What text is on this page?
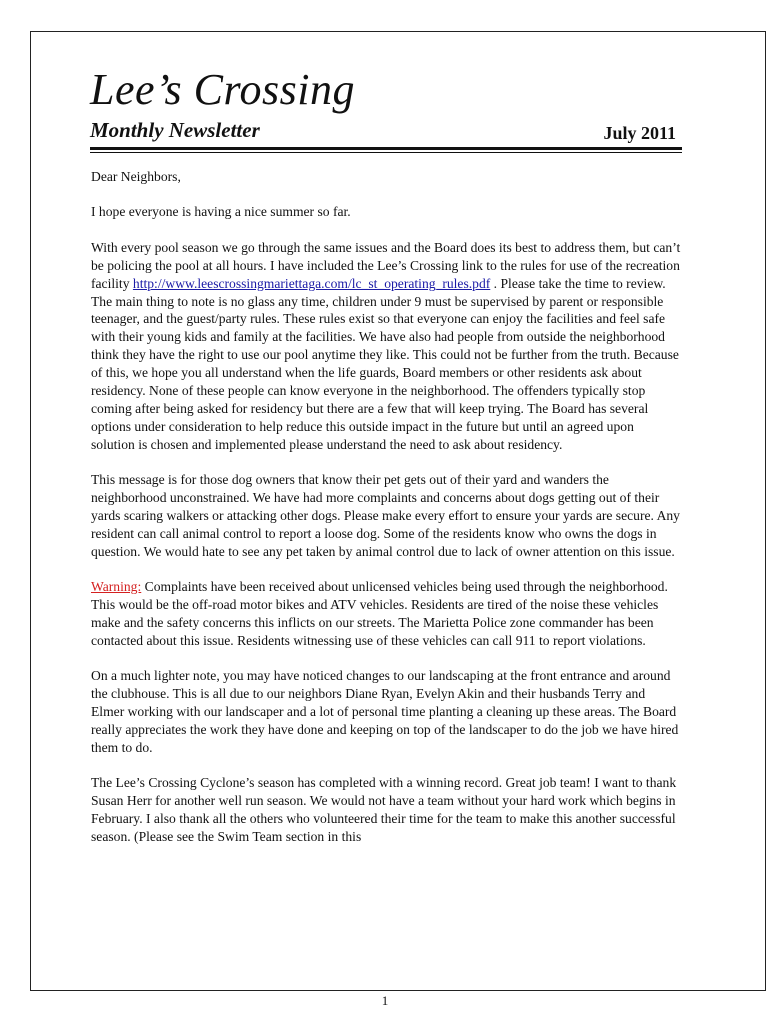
Lee’s Crossing
Monthly Newsletter	July 2011

Dear Neighbors,

I hope everyone is having a nice summer so far.

With every pool season we go through the same issues and the Board does its best to address them, but can’t be policing the pool at all hours. I have included the Lee’s Crossing link to the rules for use of the recreation facility http://www.leescrossingmariettaga.com/lc_st_operating_rules.pdf . Please take the time to review. The main thing to note is no glass any time, children under 9 must be supervised by parent or responsible teenager, and the guest/party rules. These rules exist so that everyone can enjoy the facilities and feel safe with their young kids and family at the facilities. We have also had people from outside the neighborhood think they have the right to use our pool anytime they like. This could not be further from the truth. Because of this, we hope you all understand when the life guards, Board members or other residents ask about residency. None of these people can know everyone in the neighborhood. The offenders typically stop coming after being asked for residency but there are a few that will keep trying. The Board has several options under consideration to help reduce this outside impact in the future but until an agreed upon solution is chosen and implemented please understand the need to ask about residency.

This message is for those dog owners that know their pet gets out of their yard and wanders the neighborhood unconstrained. We have had more complaints and concerns about dogs getting out of their yards scaring walkers or attacking other dogs. Please make every effort to ensure your yards are secure. Any resident can call animal control to report a loose dog. Some of the residents know who owns the dogs in question. We would hate to see any pet taken by animal control due to lack of owner attention on this issue.

Warning: Complaints have been received about unlicensed vehicles being used through the neighborhood. This would be the off-road motor bikes and ATV vehicles. Residents are tired of the noise these vehicles make and the safety concerns this inflicts on our streets. The Marietta Police zone commander has been contacted about this issue. Residents witnessing use of these vehicles can call 911 to report violations.

On a much lighter note, you may have noticed changes to our landscaping at the front entrance and around the clubhouse. This is all due to our neighbors Diane Ryan, Evelyn Akin and their husbands Terry and Elmer working with our landscaper and a lot of personal time planting a cleaning up these areas. The Board really appreciates the work they have done and keeping on top of the landscaper to do the job we have hired them to do.

The Lee’s Crossing Cyclone’s season has completed with a winning record. Great job team! I want to thank Susan Herr for another well run season. We would not have a team without your hard work which begins in February. I also thank all the others who volunteered their time for the team to make this another successful season. (Please see the Swim Team section in this

1
